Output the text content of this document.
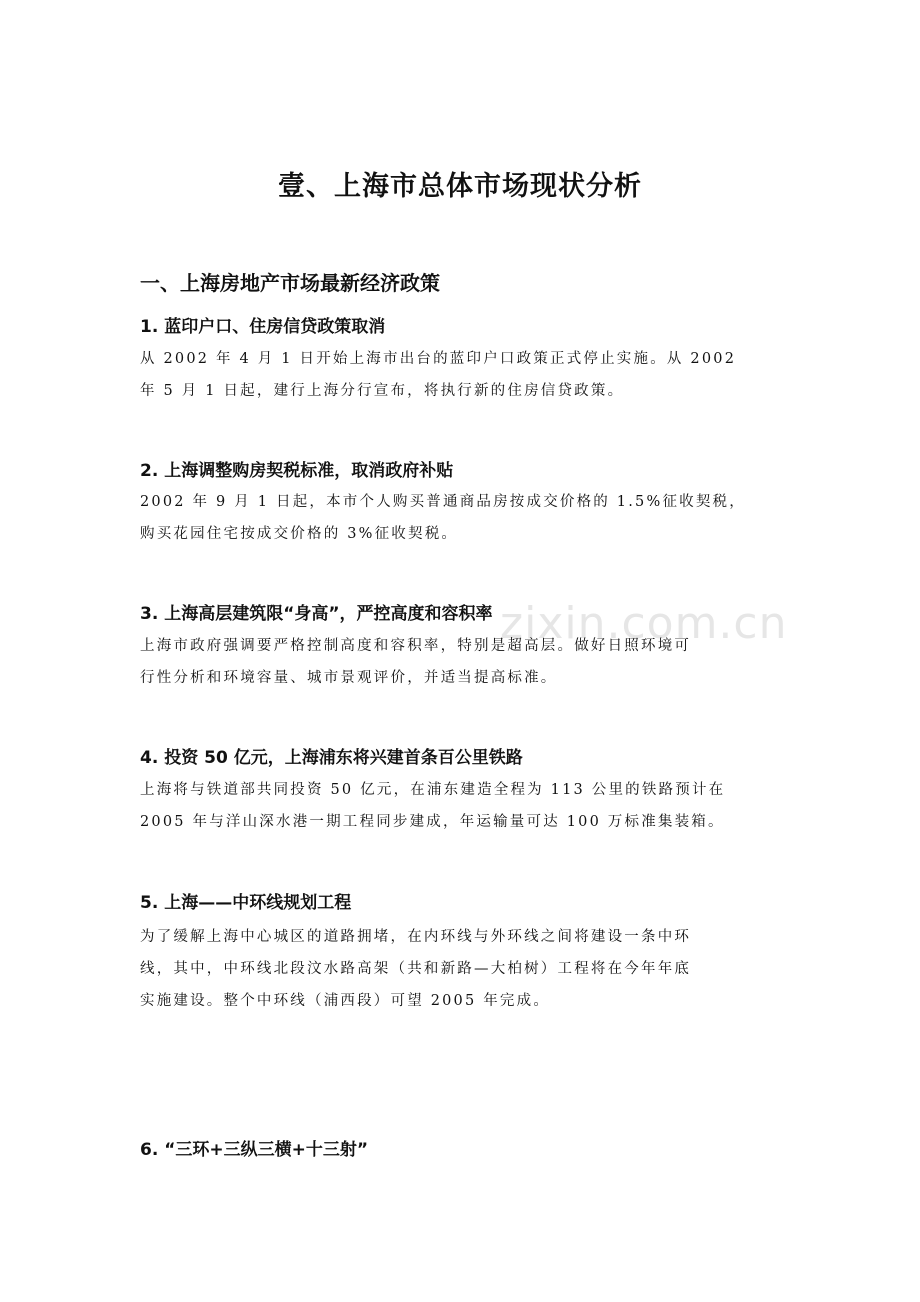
zixin.com.cn
壹、上海市总体市场现状分析
一、上海房地产市场最新经济政策
1. 蓝印户口、住房信贷政策取消
从 2002 年 4 月 1 日开始上海市出台的蓝印户口政策正式停止实施。从 2002
年 5 月 1 日起，建行上海分行宣布，将执行新的住房信贷政策。
2. 上海调整购房契税标准，取消政府补贴
2002 年 9 月 1 日起，本市个人购买普通商品房按成交价格的 1.5%征收契税，
购买花园住宅按成交价格的 3%征收契税。
3. 上海高层建筑限“身高”，严控高度和容积率
上海市政府强调要严格控制高度和容积率，特别是超高层。做好日照环境可
行性分析和环境容量、城市景观评价，并适当提高标准。
4. 投资 50 亿元，上海浦东将兴建首条百公里铁路
上海将与铁道部共同投资 50 亿元，在浦东建造全程为 113 公里的铁路预计在
2005 年与洋山深水港一期工程同步建成，年运输量可达 100 万标准集装箱。
5. 上海——中环线规划工程
为了缓解上海中心城区的道路拥堵，在内环线与外环线之间将建设一条中环
线，其中，中环线北段汶水路高架（共和新路—大柏树）工程将在今年年底
实施建设。整个中环线（浦西段）可望 2005 年完成。
6. “三环+三纵三横+十三射”
